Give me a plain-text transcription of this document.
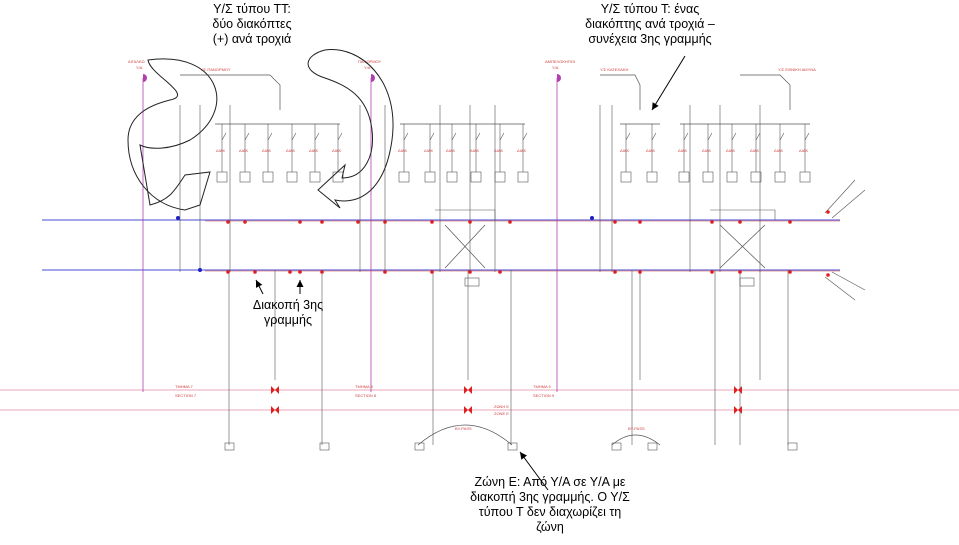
ΔΙΑΚ	ΔΙΑΚ	ΔΙΑΚ	ΔΙΑΚ	ΔΙΑΚ	ΔΙΑΚ	ΔΙΑΚ	ΔΙΑΚ	ΔΙΑΚ	ΔΙΑΚ	ΔΙΑΚ	ΔΙΑΚ	ΔΙΑΚ	ΔΙΑΚ	ΔΙΑΚ	ΔΙΑΚ	ΔΙΑΚ	ΔΙΑΚ	ΔΙΑΚ	ΔΙΑΚ
ΑΙΓΑΛΕΩ
Y/A
ΠΑΝΟΡΜΟΥ
Y/A
ΑΜΠΕΛΟΚΗΠΟΙ
Y/A
Υ/Σ ΠΑΝΟΡΜΟΥ	Υ/Σ ΚΑΤΕΧΑΚΗ	Υ/Σ ΕΘΝΙΚΗ ΑΜΥΝΑ
ΤΜΗΜΑ 7
SECTION 7
ΤΜΗΜΑ 8
SECTION 8
ΤΜΗΜΑ 9
SECTION 9
ΖΩΝΗ Ε
ZONE E
BY-PASS	BY-PASS
Υ/Σ τύπου ΤΤ:
δύο διακόπτες
(+) ανά τροχιά
Υ/Σ τύπου Τ: ένας
διακόπτης ανά τροχιά –
συνέχεια 3ης γραμμής
Διακοπή 3ης
γραμμής
Ζώνη Ε: Από Υ/Α σε Υ/Α με
διακοπή 3ης γραμμής. Ο Υ/Σ
τύπου Τ δεν διαχωρίζει τη
ζώνη
